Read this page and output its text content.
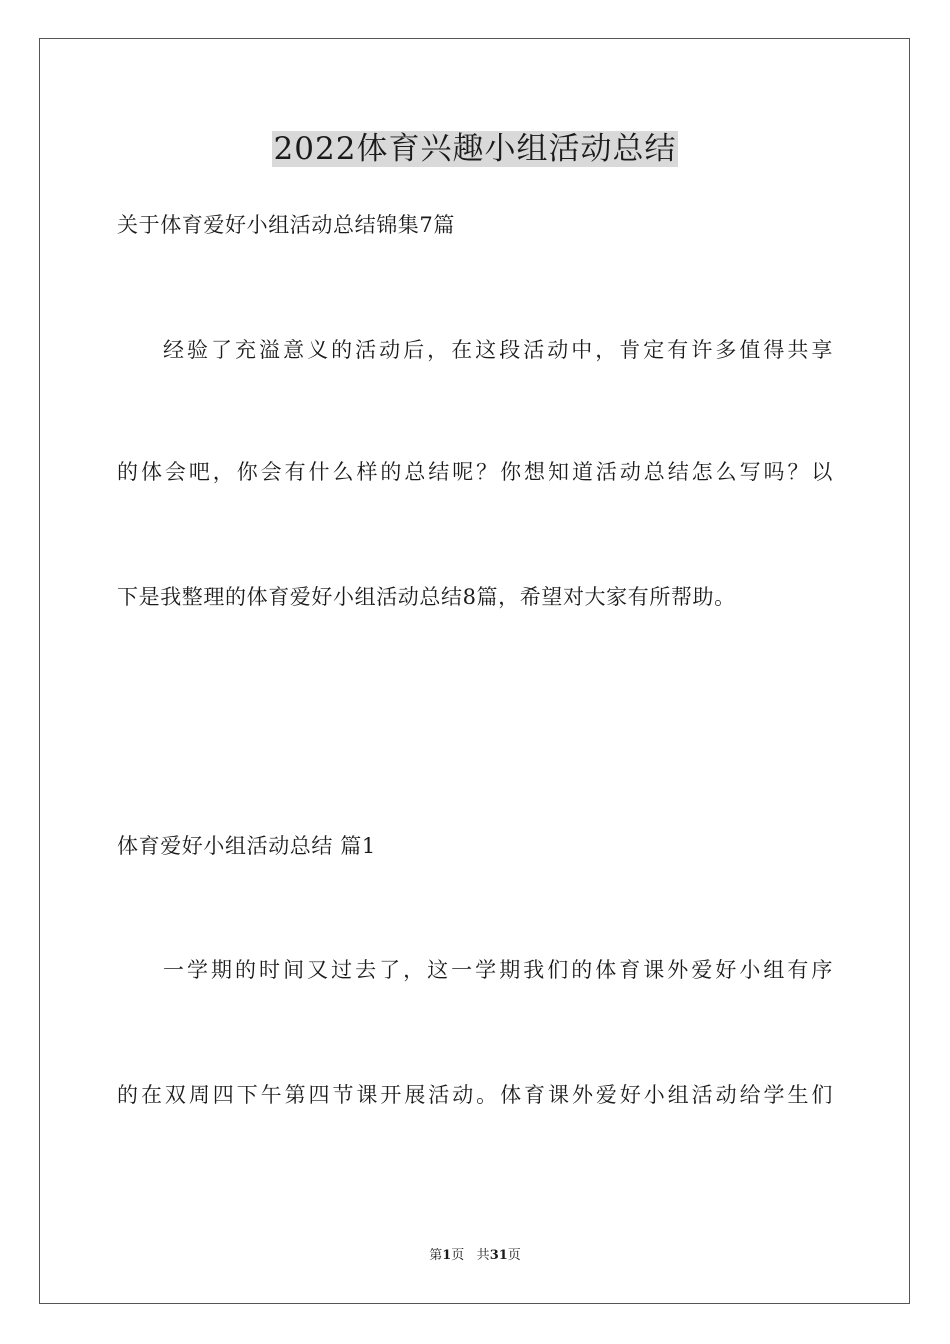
2022体育兴趣小组活动总结
关于体育爱好小组活动总结锦集7篇
经验了充溢意义的活动后，在这段活动中，肯定有许多值得共享
的体会吧，你会有什么样的总结呢？你想知道活动总结怎么写吗？以
下是我整理的体育爱好小组活动总结8篇，希望对大家有所帮助。
体育爱好小组活动总结 篇1
一学期的时间又过去了，这一学期我们的体育课外爱好小组有序
的在双周四下午第四节课开展活动。体育课外爱好小组活动给学生们
第1页 共31页
